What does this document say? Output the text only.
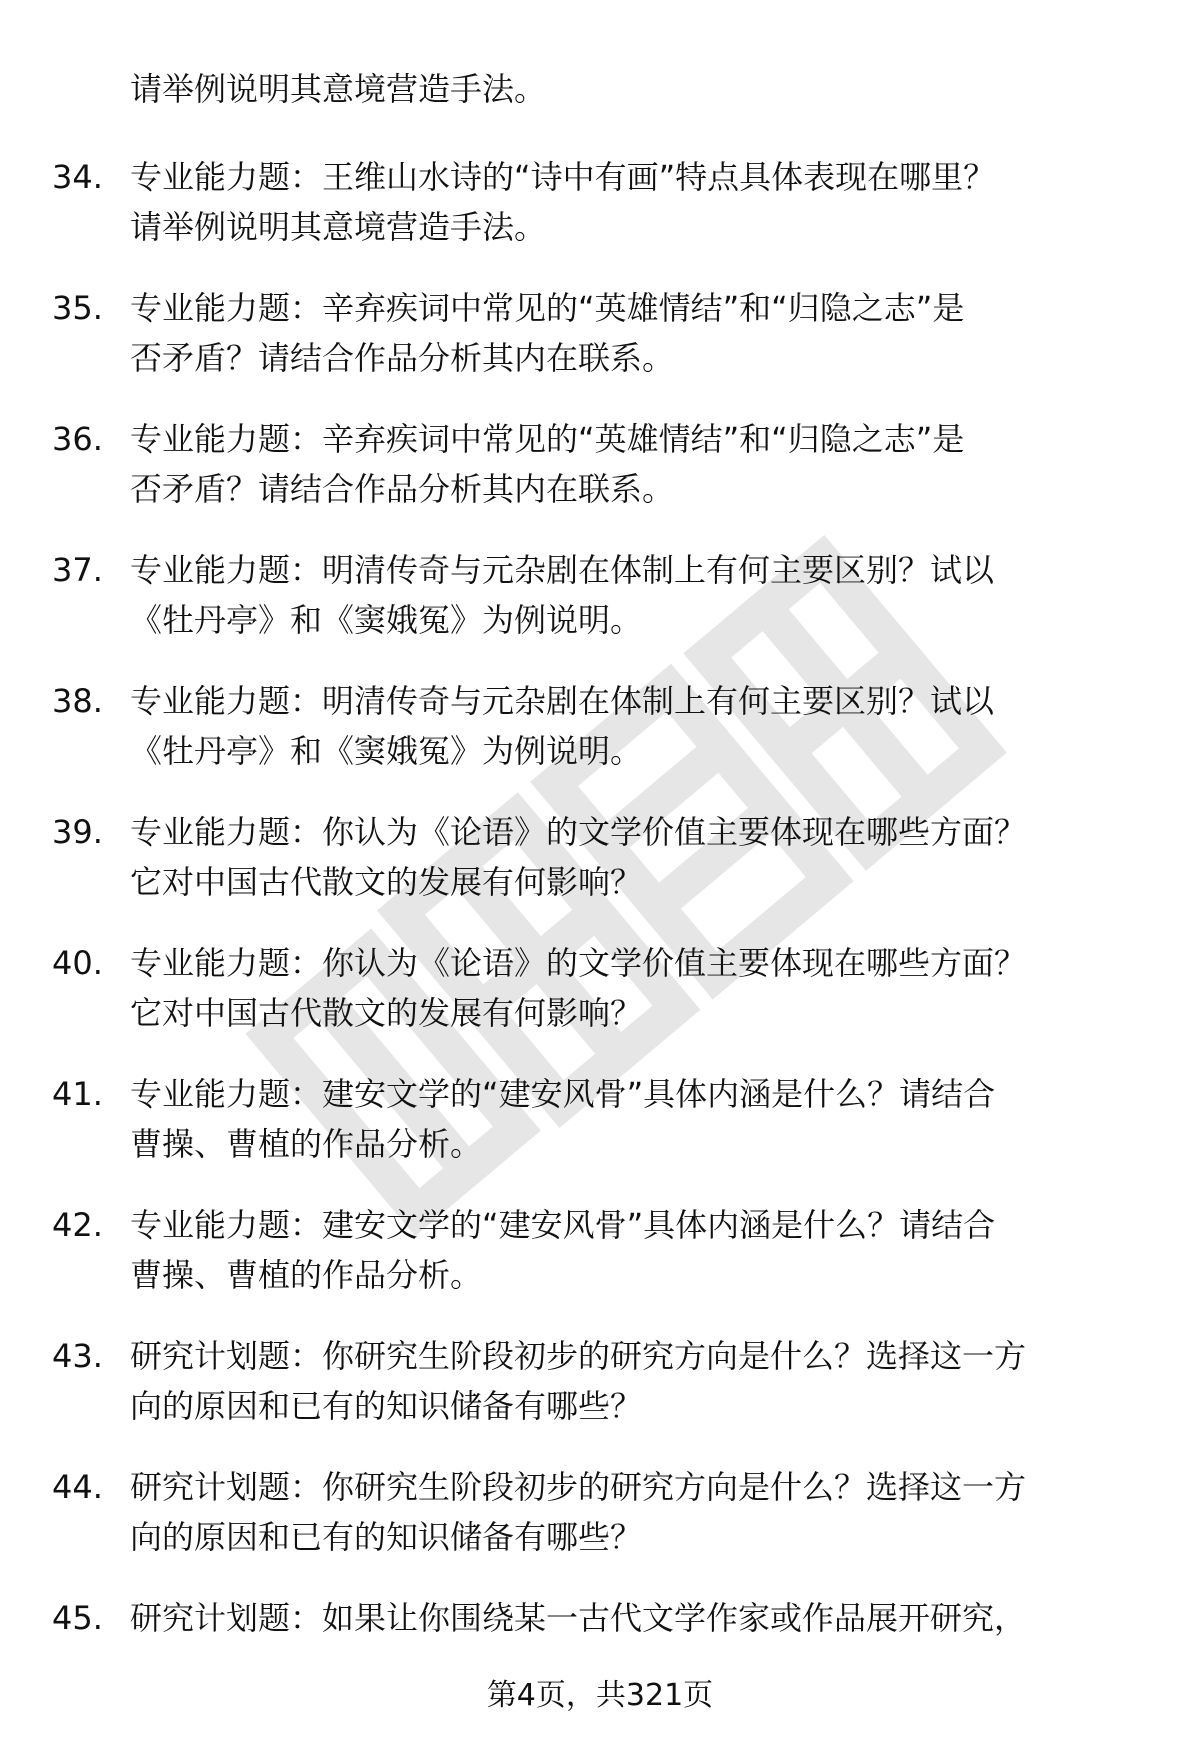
请举例说明其意境营造手法。
34. 专业能力题：王维山水诗的“诗中有画”特点具体表现在哪里？
请举例说明其意境营造手法。
35. 专业能力题：辛弃疾词中常见的“英雄情结”和“归隐之志”是
否矛盾？请结合作品分析其内在联系。
36. 专业能力题：辛弃疾词中常见的“英雄情结”和“归隐之志”是
否矛盾？请结合作品分析其内在联系。
37. 专业能力题：明清传奇与元杂剧在体制上有何主要区别？试以
《牡丹亭》和《窦娥冤》为例说明。
38. 专业能力题：明清传奇与元杂剧在体制上有何主要区别？试以
《牡丹亭》和《窦娥冤》为例说明。
39. 专业能力题：你认为《论语》的文学价值主要体现在哪些方面？
它对中国古代散文的发展有何影响？
40. 专业能力题：你认为《论语》的文学价值主要体现在哪些方面？
它对中国古代散文的发展有何影响？
41. 专业能力题：建安文学的“建安风骨”具体内涵是什么？请结合
曹操、曹植的作品分析。
42. 专业能力题：建安文学的“建安风骨”具体内涵是什么？请结合
曹操、曹植的作品分析。
43. 研究计划题：你研究生阶段初步的研究方向是什么？选择这一方
向的原因和已有的知识储备有哪些？
44. 研究计划题：你研究生阶段初步的研究方向是什么？选择这一方
向的原因和已有的知识储备有哪些？
45. 研究计划题：如果让你围绕某一古代文学作家或作品展开研究，
第4页，共321页
